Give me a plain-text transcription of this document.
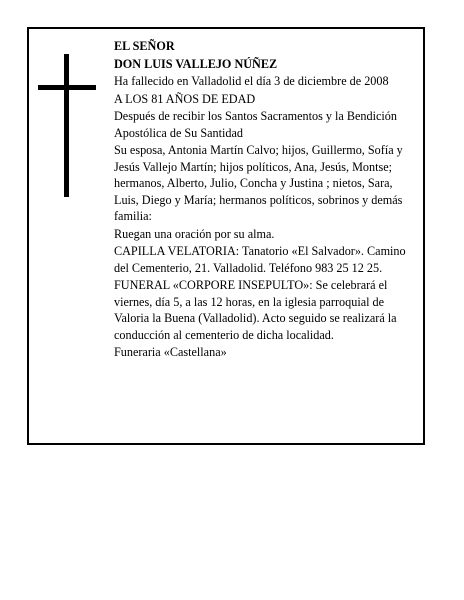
EL SEÑOR

DON LUIS VALLEJO NÚÑEZ

Ha fallecido en Valladolid el día 3 de diciembre de 2008

A LOS 81 AÑOS DE EDAD

Después de recibir los Santos Sacramentos y la Bendición Apostólica de Su Santidad

Su esposa, Antonia Martín Calvo; hijos, Guillermo, Sofía y Jesús Vallejo Martín; hijos políticos, Ana, Jesús, Montse; hermanos, Alberto, Julio, Concha y Justina ; nietos, Sara, Luis, Diego y María; hermanos políticos, sobrinos y demás familia:

Ruegan una oración por su alma.

CAPILLA VELATORIA: Tanatorio «El Salvador». Camino del Cementerio, 21. Valladolid. Teléfono 983 25 12 25.

FUNERAL «CORPORE INSEPULTO»: Se celebrará el viernes, día 5, a las 12 horas, en la iglesia parroquial de Valoria la Buena (Valladolid). Acto seguido se realizará la conducción al cementerio de dicha localidad.

Funeraria «Castellana»
